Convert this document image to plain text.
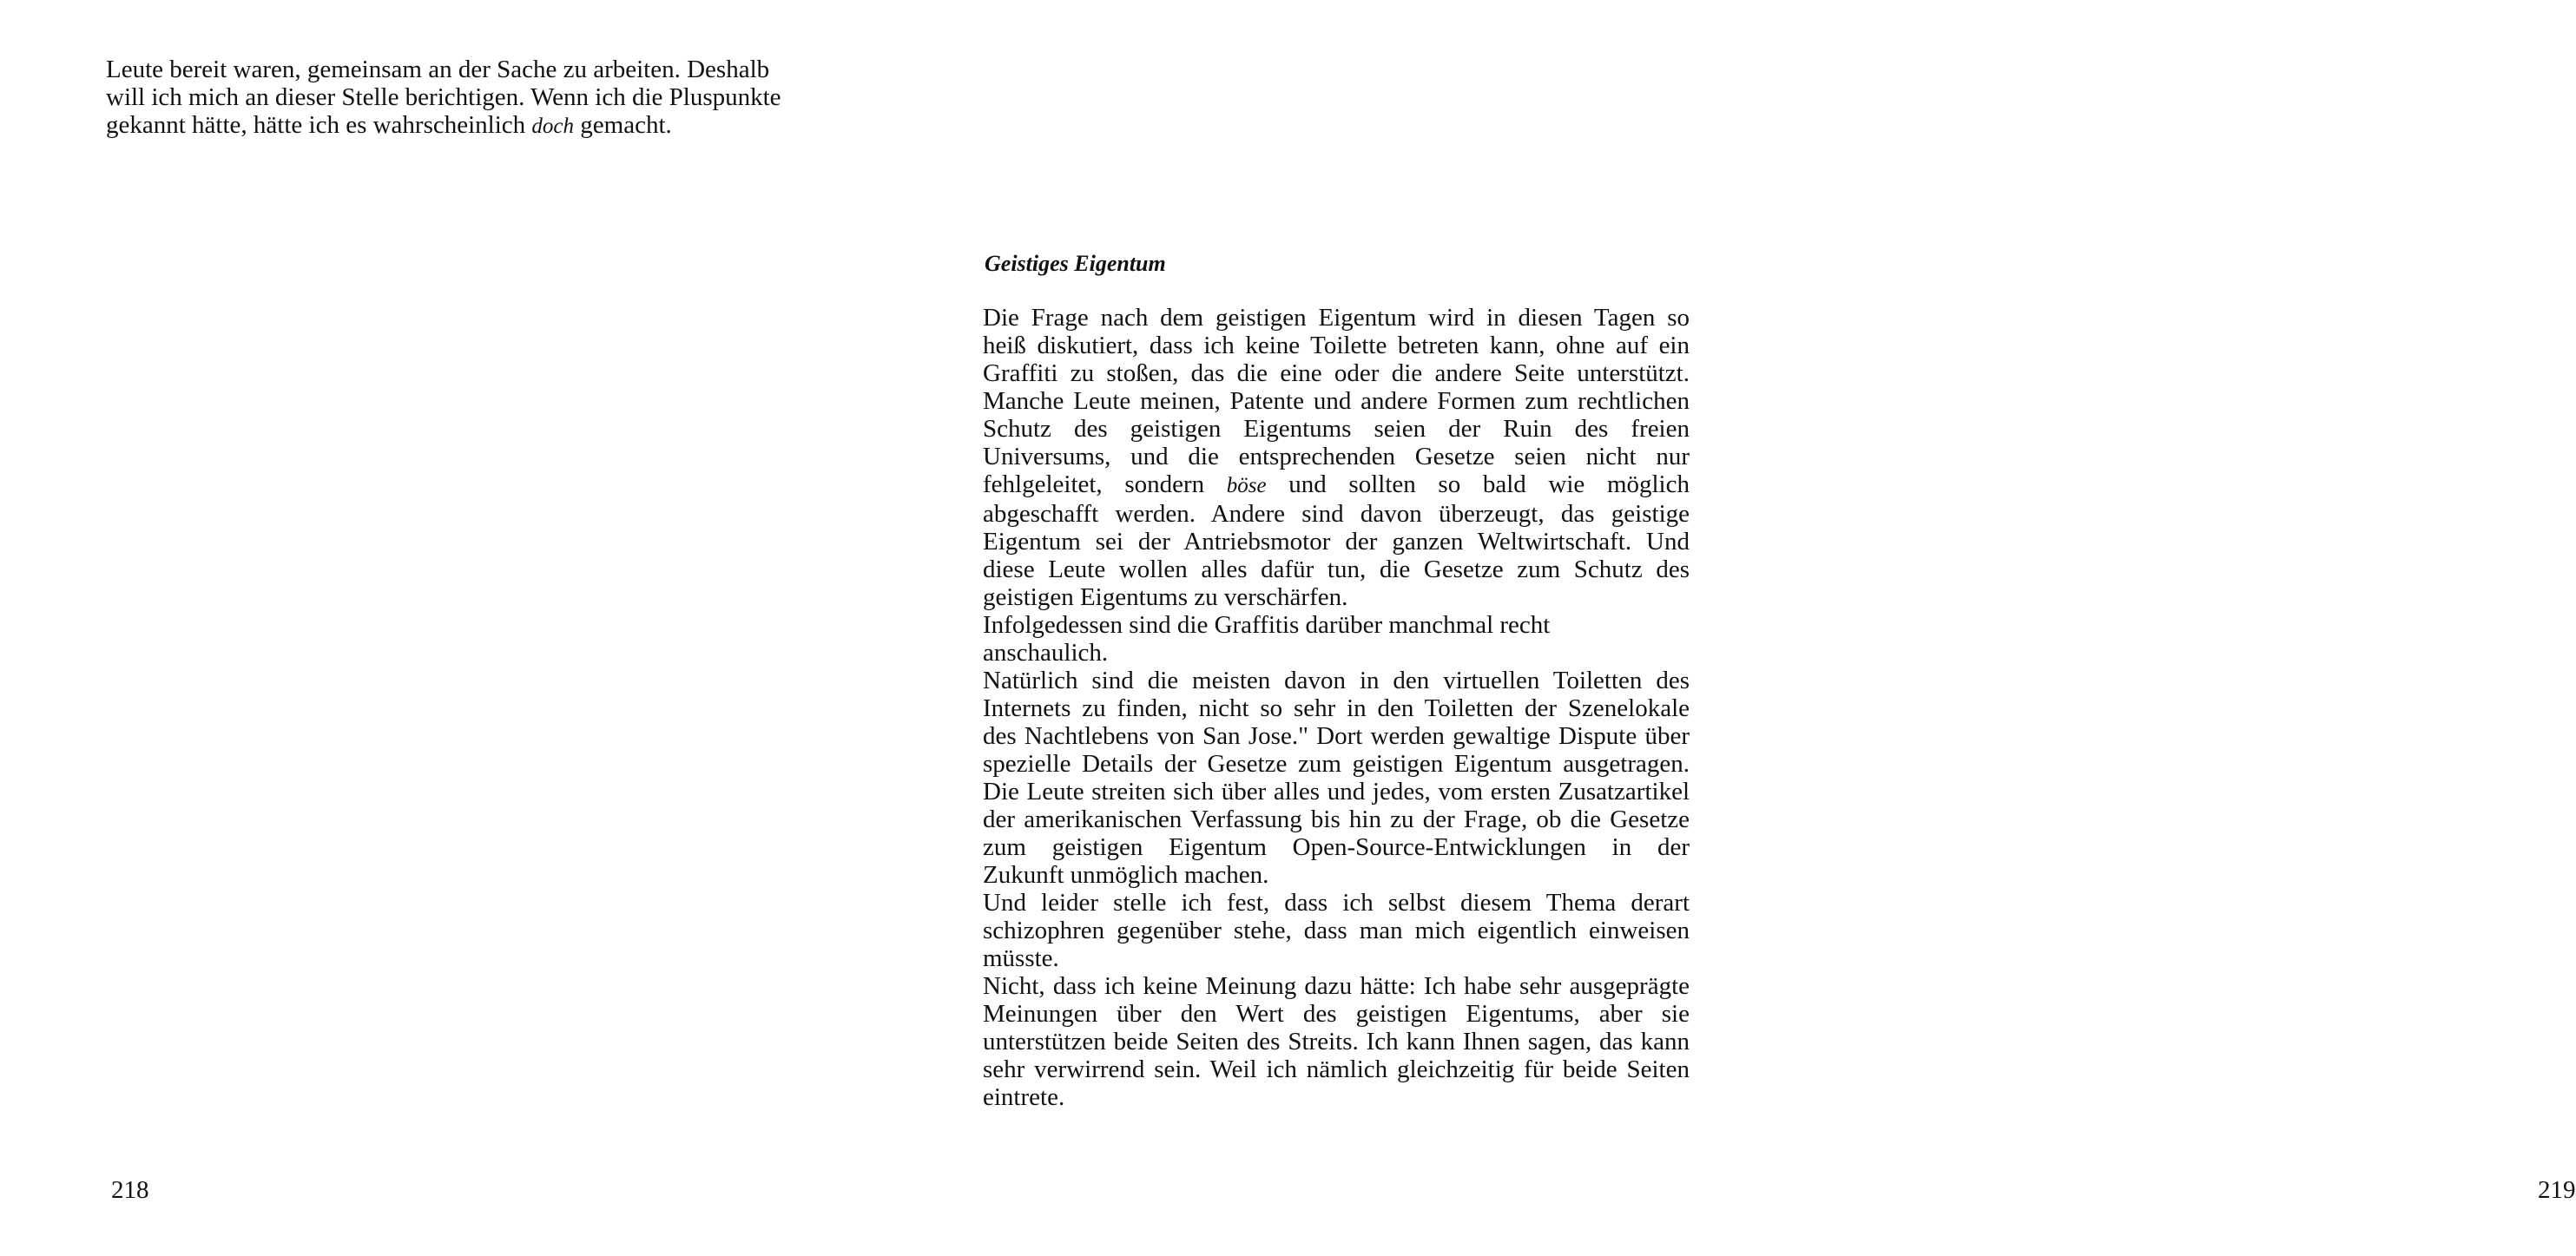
Leute bereit waren, gemeinsam an der Sache zu arbeiten. Deshalb
will ich mich an dieser Stelle berichtigen. Wenn ich die Pluspunkte
gekannt hätte, hätte ich es wahrscheinlich doch gemacht.

218
Geistiges Eigentum
Die Frage nach dem geistigen Eigentum wird in diesen Tagen so
heiß diskutiert, dass ich keine Toilette betreten kann, ohne auf ein
Graffiti zu stoßen, das die eine oder die andere Seite unterstützt.
Manche Leute meinen, Patente und andere Formen zum rechtlichen
Schutz des geistigen Eigentums seien der Ruin des freien
Universums, und die entsprechenden Gesetze seien nicht nur
fehlgeleitet, sondern böse und sollten so bald wie möglich
abgeschafft werden. Andere sind davon überzeugt, das geistige
Eigentum sei der Antriebsmotor der ganzen Weltwirtschaft. Und
diese Leute wollen alles dafür tun, die Gesetze zum Schutz des
geistigen Eigentums zu verschärfen.
Infolgedessen sind die Graffitis darüber manchmal recht
anschaulich.
Natürlich sind die meisten davon in den virtuellen Toiletten des
Internets zu finden, nicht so sehr in den Toiletten der Szenelokale
des Nachtlebens von San Jose." Dort werden gewaltige Dispute über
spezielle Details der Gesetze zum geistigen Eigentum ausgetragen.
Die Leute streiten sich über alles und jedes, vom ersten Zusatzartikel
der amerikanischen Verfassung bis hin zu der Frage, ob die Gesetze
zum geistigen Eigentum Open-Source-Entwicklungen in der
Zukunft unmöglich machen.
Und leider stelle ich fest, dass ich selbst diesem Thema derart
schizophren gegenüber stehe, dass man mich eigentlich einweisen
müsste.
Nicht, dass ich keine Meinung dazu hätte: Ich habe sehr ausgeprägte
Meinungen über den Wert des geistigen Eigentums, aber sie
unterstützen beide Seiten des Streits. Ich kann Ihnen sagen, das kann
sehr verwirrend sein. Weil ich nämlich gleichzeitig für beide Seiten
eintrete.
219
